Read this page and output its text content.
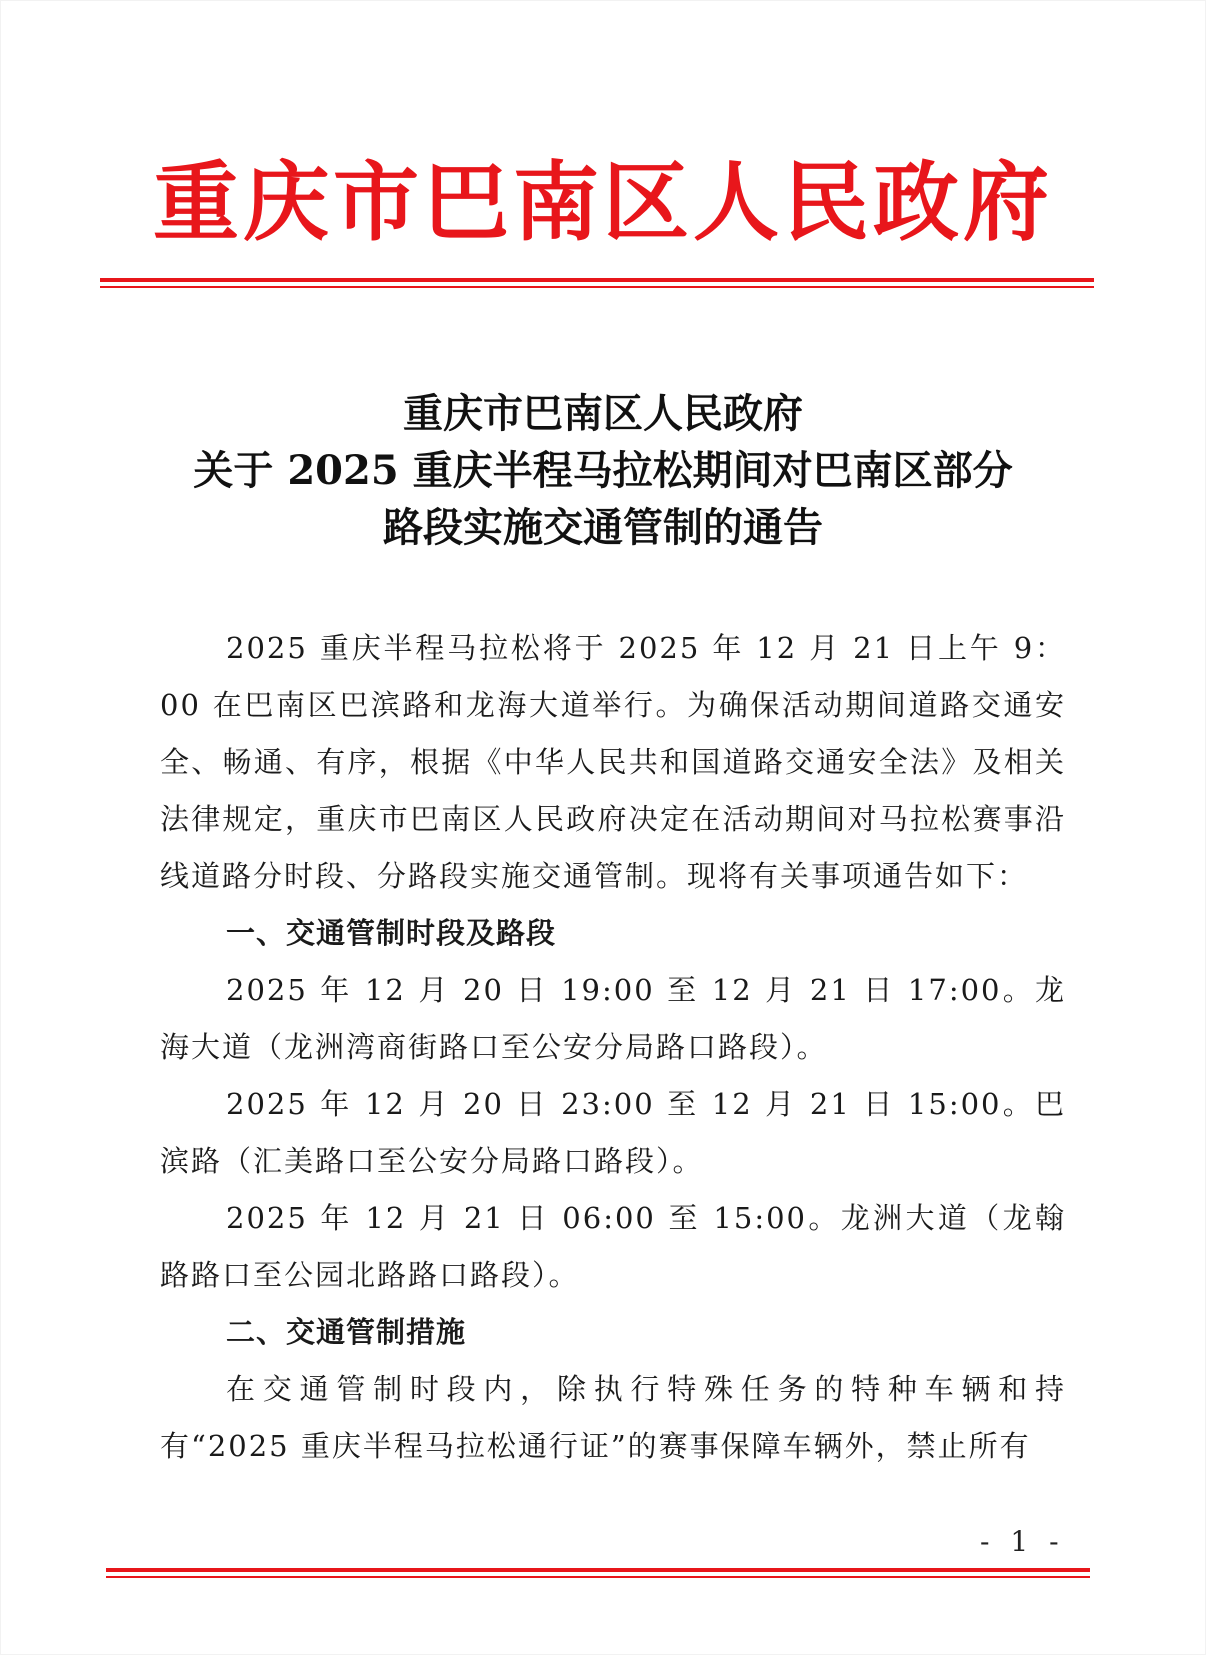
重庆市巴南区人民政府
重庆市巴南区人民政府
关于 2025 重庆半程马拉松期间对巴南区部分
路段实施交通管制的通告

2025 重庆半程马拉松将于 2025 年 12 月 21 日上午 9：00 在巴南区巴滨路和龙海大道举行。为确保活动期间道路交通安全、畅通、有序，根据《中华人民共和国道路交通安全法》及相关法律规定，重庆市巴南区人民政府决定在活动期间对马拉松赛事沿线道路分时段、分路段实施交通管制。现将有关事项通告如下：

一、交通管制时段及路段

2025 年 12 月 20 日 19:00 至 12 月 21 日 17:00。龙海大道（龙洲湾商街路口至公安分局路口路段）。

2025 年 12 月 20 日 23:00 至 12 月 21 日 15:00。巴滨路（汇美路口至公安分局路口路段）。

2025 年 12 月 21 日 06:00 至 15:00。龙洲大道（龙翰路路口至公园北路路口路段）。

二、交通管制措施

在交通管制时段内，除执行特殊任务的特种车辆和持有“2025 重庆半程马拉松通行证”的赛事保障车辆外，禁止所有

- 1 -
